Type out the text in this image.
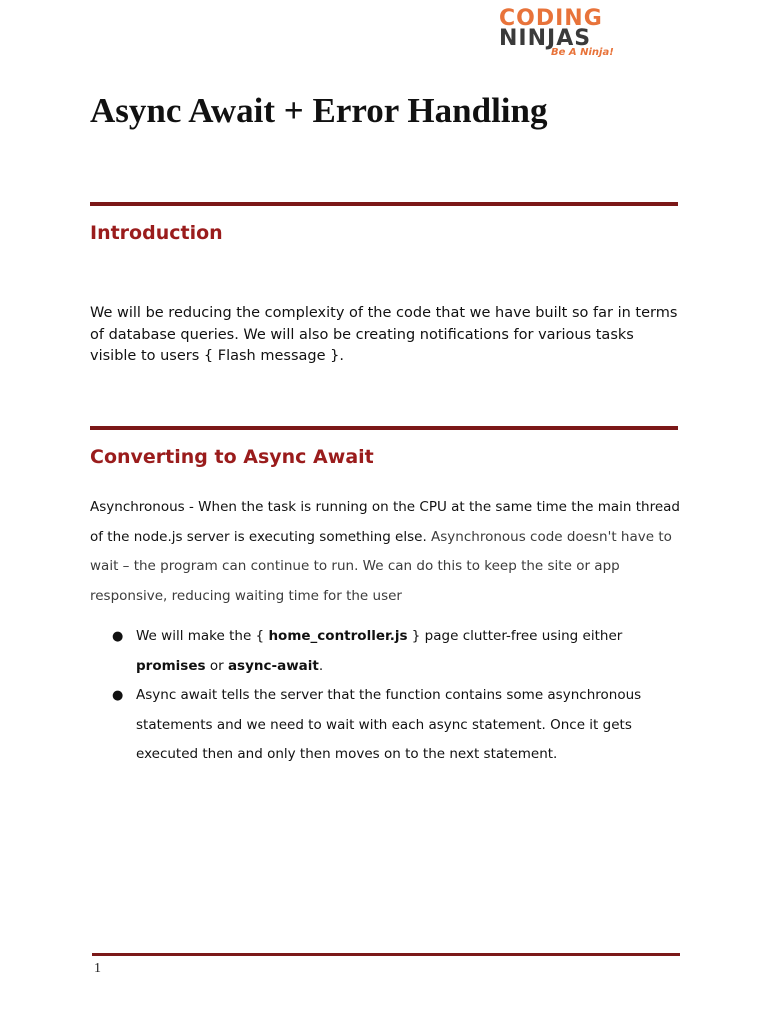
CODING
NINJAS
Be A Ninja!
Async Await + Error Handling
Introduction

We will be reducing the complexity of the code that we have built so far in terms of database queries. We will also be creating notifications for various tasks visible to users { Flash message }.

Converting to Async Await

Asynchronous - When the task is running on the CPU at the same time the main thread of the node.js server is executing something else. Asynchronous code doesn't have to wait – the program can continue to run. We can do this to keep the site or app responsive, reducing waiting time for the user

● We will make the { home_controller.js } page clutter-free using either promises or async-await.
● Async await tells the server that the function contains some asynchronous statements and we need to wait with each async statement. Once it gets executed then and only then moves on to the next statement.
1
